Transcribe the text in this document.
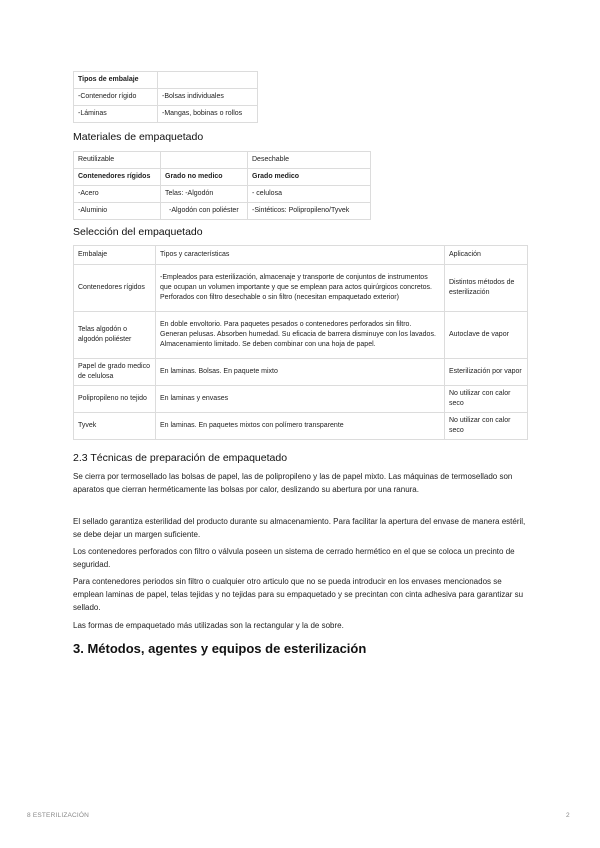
Tipos de embalaje	
-Contenedor rígido	-Bolsas individuales
-Láminas	-Mangas, bobinas o rollos
Materiales de empaquetado
Reutilizable		Desechable
Contenedores rígidos	Grado no medico	Grado medico
-Acero	Telas: -Algodón	- celulosa
-Aluminio	-Algodón con poliéster	-Sintéticos: Polipropileno/Tyvek
Selección del empaquetado
Embalaje	Tipos y características	Aplicación
Contenedores rígidos	-Empleados para esterilización, almacenaje y transporte de conjuntos de instrumentos que ocupan un volumen importante y que se emplean para actos quirúrgicos concretos. Perforados con filtro desechable o sin filtro (necesitan empaquetado exterior)	Distintos métodos de esterilización
Telas algodón o algodón poliéster	En doble envoltorio. Para paquetes pesados o contenedores perforados sin filtro. Generan pelusas. Absorben humedad. Su eficacia de barrera disminuye con los lavados. Almacenamiento limitado. Se deben combinar con una hoja de papel.	Autoclave de vapor
Papel de grado medico de celulosa	En laminas. Bolsas. En paquete mixto	Esterilización por vapor
Polipropileno no tejido	En laminas y envases	No utilizar con calor seco
Tyvek	En laminas. En paquetes mixtos con polímero transparente	No utilizar con calor seco
2.3 Técnicas de preparación de empaquetado

Se cierra por termosellado las bolsas de papel, las de polipropileno y las de papel mixto. Las máquinas de termosellado son aparatos que cierran herméticamente las bolsas por calor, deslizando su abertura por una ranura.

El sellado garantiza esterilidad del producto durante su almacenamiento. Para facilitar la apertura del envase de manera estéril, se debe dejar un margen suficiente.

Los contenedores perforados con filtro o válvula poseen un sistema de cerrado hermético en el que se coloca un precinto de seguridad.

Para contenedores periodos sin filtro o cualquier otro articulo que no se pueda introducir en los envases mencionados se emplean laminas de papel, telas tejidas y no tejidas para su empaquetado y se precintan con cinta adhesiva para garantizar su sellado.

Las formas de empaquetado más utilizadas son la rectangular y la de sobre.

3. Métodos, agentes y equipos de esterilización
8 ESTERILIZACIÓN	2
